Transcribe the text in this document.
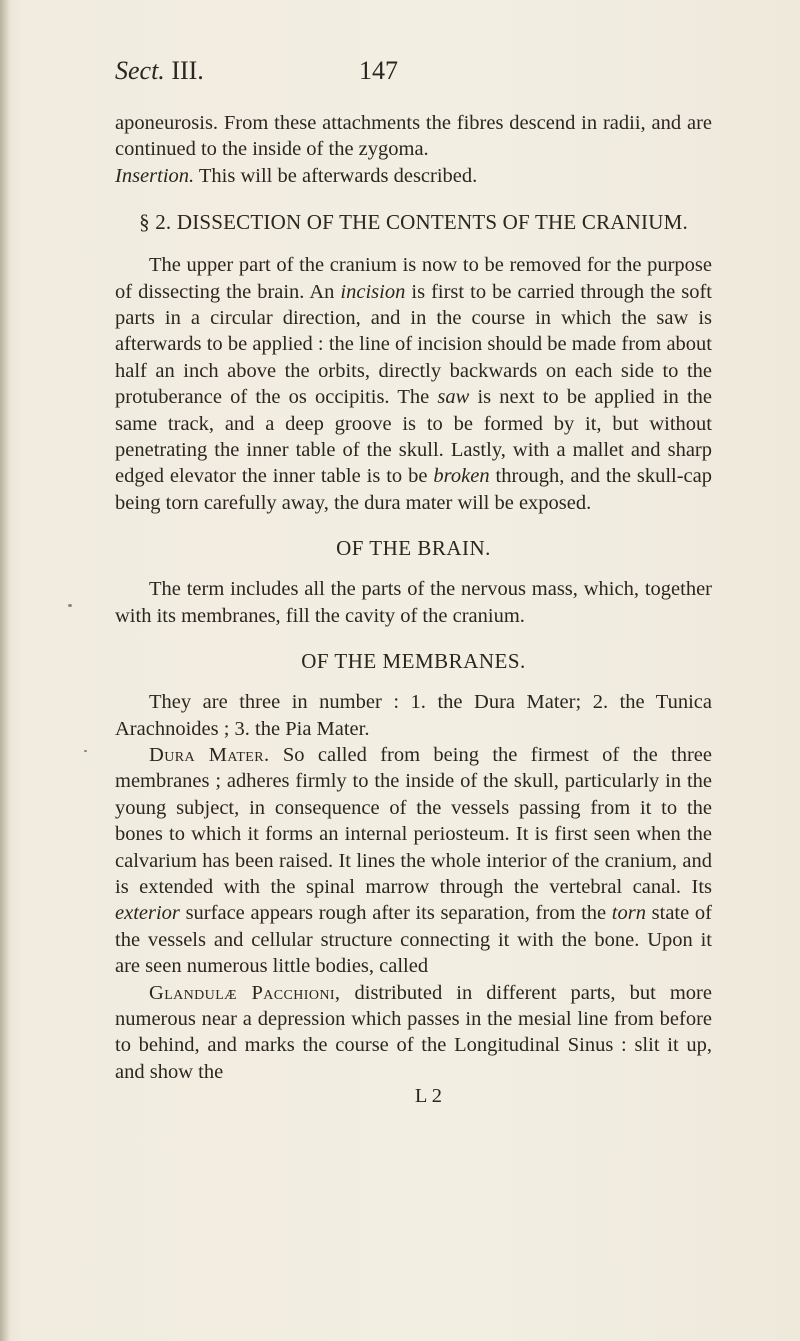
Sect. III.	147

aponeurosis. From these attachments the fibres descend in radii, and are continued to the inside of the zygoma.
Insertion. This will be afterwards described.

§ 2. DISSECTION OF THE CONTENTS OF THE CRANIUM.

The upper part of the cranium is now to be removed for the purpose of dissecting the brain. An incision is first to be carried through the soft parts in a circular direction, and in the course in which the saw is afterwards to be applied : the line of incision should be made from about half an inch above the orbits, directly backwards on each side to the protuberance of the os occipitis. The saw is next to be applied in the same track, and a deep groove is to be formed by it, but without penetrating the inner table of the skull. Lastly, with a mallet and sharp edged elevator the inner table is to be broken through, and the skull-cap being torn carefully away, the dura mater will be exposed.

OF THE BRAIN.

The term includes all the parts of the nervous mass, which, together with its membranes, fill the cavity of the cranium.

OF THE MEMBRANES.

They are three in number : 1. the Dura Mater; 2. the Tunica Arachnoides ; 3. the Pia Mater.

Dura Mater. So called from being the firmest of the three membranes ; adheres firmly to the inside of the skull, particularly in the young subject, in consequence of the vessels passing from it to the bones to which it forms an internal periosteum. It is first seen when the calvarium has been raised. It lines the whole interior of the cranium, and is extended with the spinal marrow through the vertebral canal. Its exterior surface appears rough after its separation, from the torn state of the vessels and cellular structure connecting it with the bone. Upon it are seen numerous little bodies, called

Glandulæ Pacchioni, distributed in different parts, but more numerous near a depression which passes in the mesial line from before to behind, and marks the course of the Longitudinal Sinus : slit it up, and show the

L 2
